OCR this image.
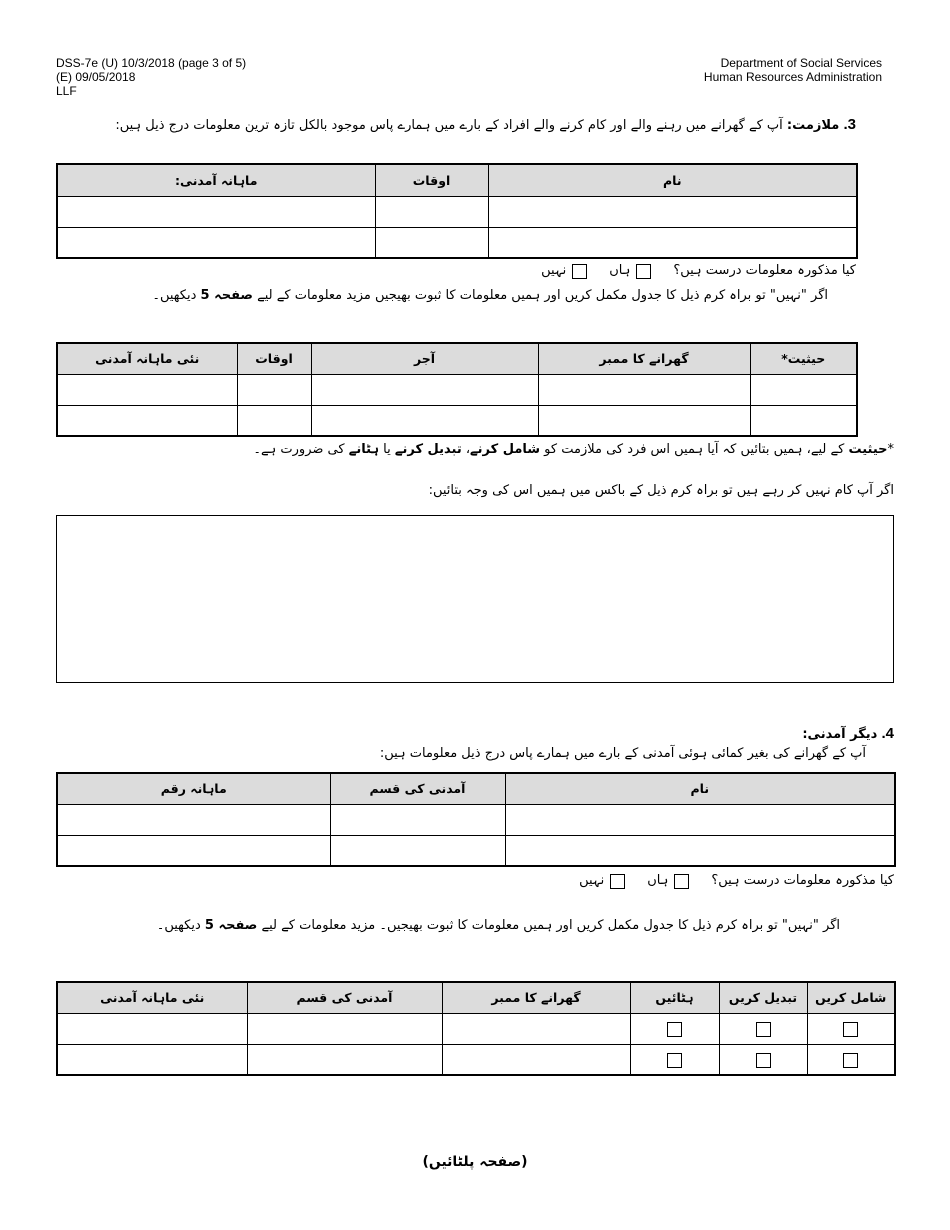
DSS-7e (U) 10/3/2018 (page 3 of 5)
(E) 09/05/2018
LLF
Department of Social Services
Human Resources Administration
3. ملازمت: آپ کے گھرانے میں رہنے والے اور کام کرنے والے افراد کے بارے میں ہمارے پاس موجود بالکل تازہ ترین معلومات درج ذیل ہیں:
نام	اوقات	ماہانہ آمدنی:

کیا مذکورہ معلومات درست ہیں؟
ہاں
نہیں
اگر "نہیں" تو براہ کرم ذیل کا جدول مکمل کریں اور ہمیں معلومات کا ثبوت بھیجیں مزید معلومات کے لیے صفحہ 5 دیکھیں۔
حیثیت*	گھرانے کا ممبر	آجر	اوقات	نئی ماہانہ آمدنی

*حیثیت کے لیے، ہمیں بتائیں کہ آیا ہمیں اس فرد کی ملازمت کو شامل کرنے، تبدیل کرنے یا ہٹانے کی ضرورت ہے۔
اگر آپ کام نہیں کر رہے ہیں تو براہ کرم ذیل کے باکس میں ہمیں اس کی وجہ بتائیں:
4. دیگر آمدنی:
آپ کے گھرانے کی بغیر کمائی ہوئی آمدنی کے بارے میں ہمارے پاس درج ذیل معلومات ہیں:
نام	آمدنی کی قسم	ماہانہ رقم

کیا مذکورہ معلومات درست ہیں؟
ہاں
نہیں
اگر "نہیں" تو براہ کرم ذیل کا جدول مکمل کریں اور ہمیں معلومات کا ثبوت بھیجیں۔ مزید معلومات کے لیے صفحہ 5 دیکھیں۔
شامل کریں	تبدیل کریں	ہٹائیں	گھرانے کا ممبر	آمدنی کی قسم	نئی ماہانہ آمدنی

(صفحہ پلٹائیں)
